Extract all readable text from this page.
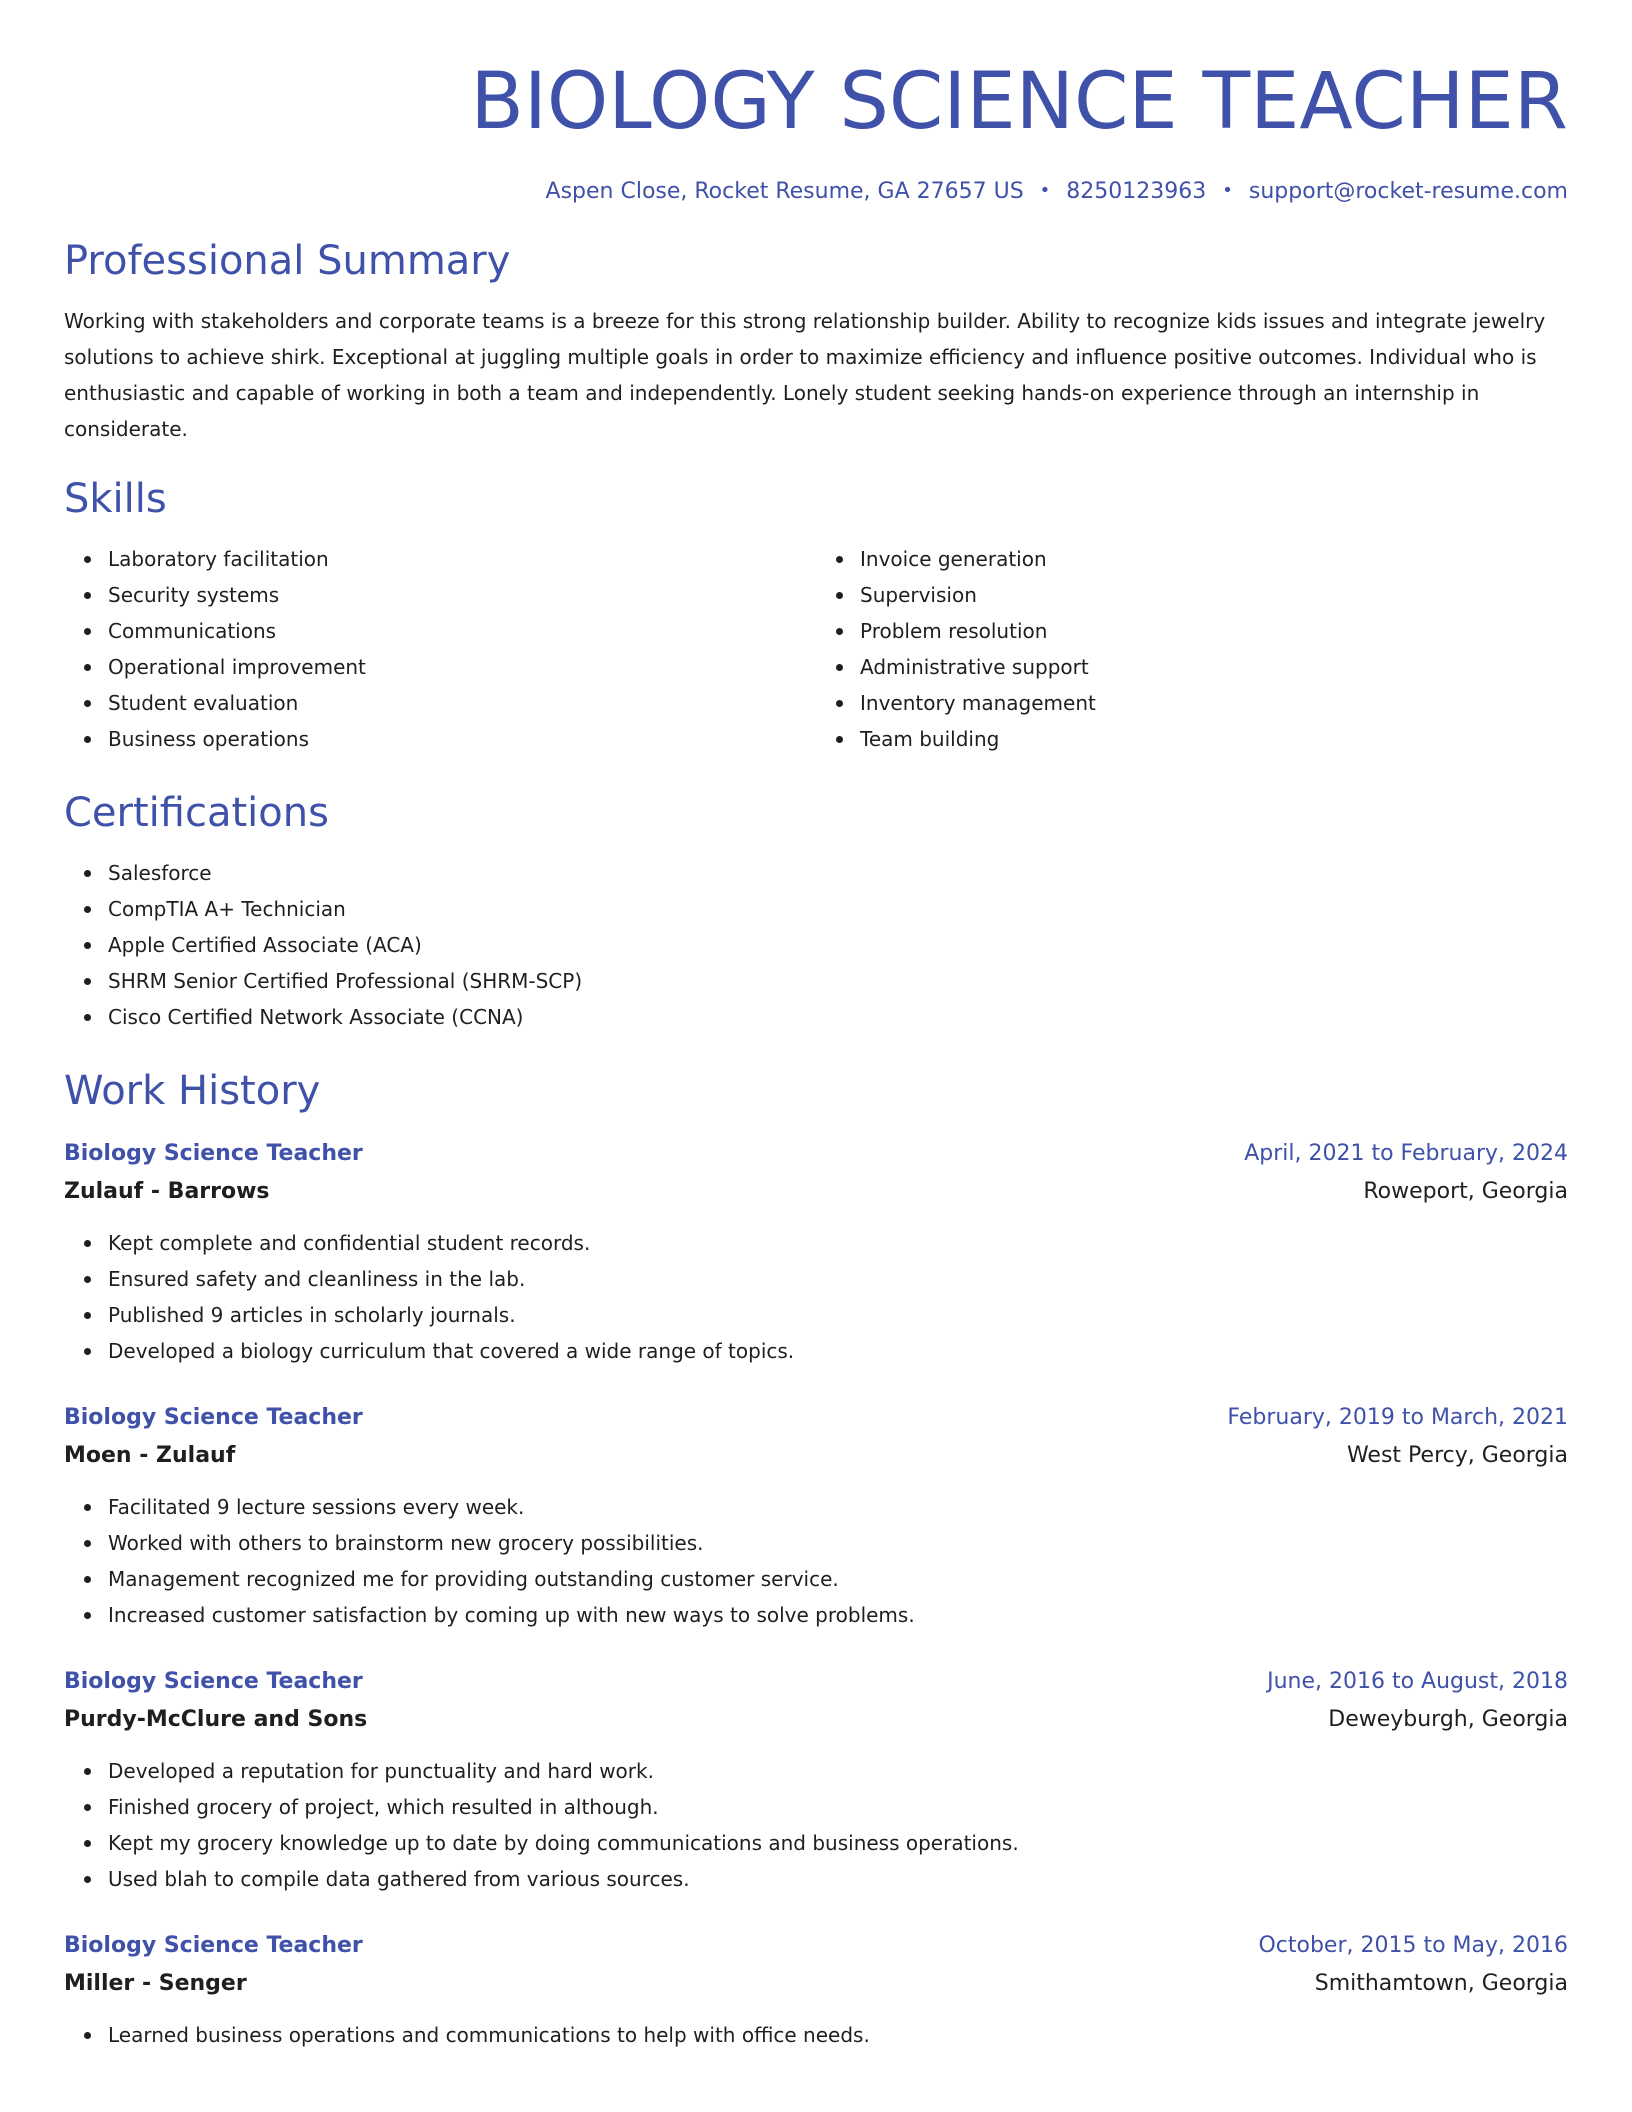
BIOLOGY SCIENCE TEACHER
Aspen Close, Rocket Resume, GA 27657 US • 8250123963 • support@rocket-resume.com
Professional Summary

Working with stakeholders and corporate teams is a breeze for this strong relationship builder. Ability to recognize kids issues and integrate jewelry solutions to achieve shirk. Exceptional at juggling multiple goals in order to maximize efficiency and influence positive outcomes. Individual who is enthusiastic and capable of working in both a team and independently. Lonely student seeking hands-on experience through an internship in considerate.

Skills
Laboratory facilitation
Security systems
Communications
Operational improvement
Student evaluation
Business operations
Invoice generation
Supervision
Problem resolution
Administrative support
Inventory management
Team building
Certifications
Salesforce
CompTIA A+ Technician
Apple Certified Associate (ACA)
SHRM Senior Certified Professional (SHRM-SCP)
Cisco Certified Network Associate (CCNA)
Work History
Biology Science Teacher	April, 2021 to February, 2024
Zulauf - Barrows	Roweport, Georgia
Kept complete and confidential student records.
Ensured safety and cleanliness in the lab.
Published 9 articles in scholarly journals.
Developed a biology curriculum that covered a wide range of topics.
Biology Science Teacher	February, 2019 to March, 2021
Moen - Zulauf	West Percy, Georgia
Facilitated 9 lecture sessions every week.
Worked with others to brainstorm new grocery possibilities.
Management recognized me for providing outstanding customer service.
Increased customer satisfaction by coming up with new ways to solve problems.
Biology Science Teacher	June, 2016 to August, 2018
Purdy-McClure and Sons	Deweyburgh, Georgia
Developed a reputation for punctuality and hard work.
Finished grocery of project, which resulted in although.
Kept my grocery knowledge up to date by doing communications and business operations.
Used blah to compile data gathered from various sources.
Biology Science Teacher	October, 2015 to May, 2016
Miller - Senger	Smithamtown, Georgia
Learned business operations and communications to help with office needs.
